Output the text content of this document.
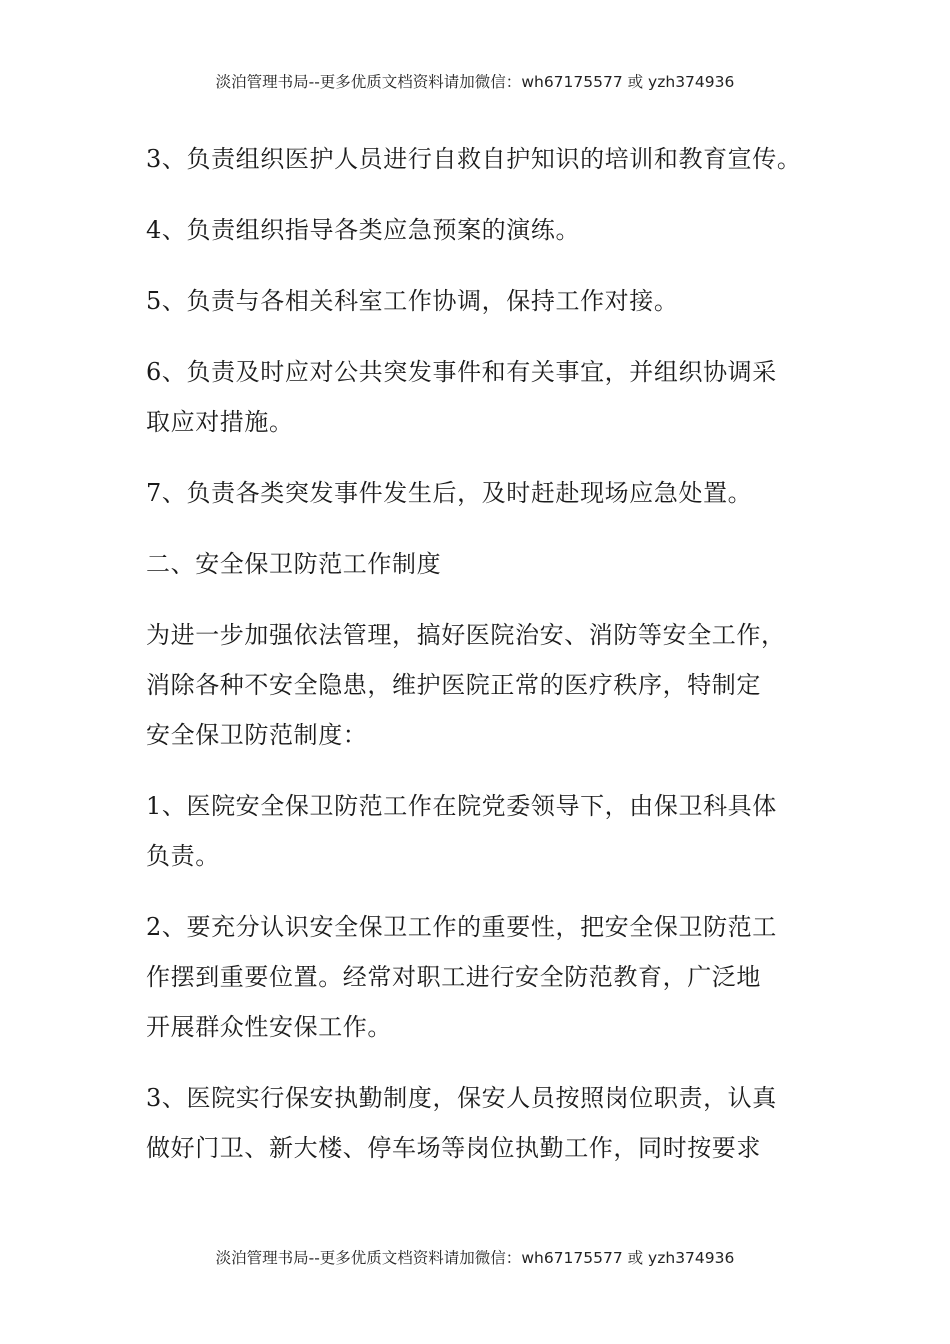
淡泊管理书局--更多优质文档资料请加微信：wh67175577 或 yzh374936

3、负责组织医护人员进行自救自护知识的培训和教育宣传。

4、负责组织指导各类应急预案的演练。

5、负责与各相关科室工作协调，保持工作对接。

6、负责及时应对公共突发事件和有关事宜，并组织协调采
取应对措施。

7、负责各类突发事件发生后，及时赶赴现场应急处置。

二、安全保卫防范工作制度

为进一步加强依法管理，搞好医院治安、消防等安全工作，
消除各种不安全隐患，维护医院正常的医疗秩序，特制定
安全保卫防范制度：

1、医院安全保卫防范工作在院党委领导下，由保卫科具体
负责。

2、要充分认识安全保卫工作的重要性，把安全保卫防范工
作摆到重要位置。经常对职工进行安全防范教育，广泛地
开展群众性安保工作。

3、医院实行保安执勤制度，保安人员按照岗位职责，认真
做好门卫、新大楼、停车场等岗位执勤工作，同时按要求

淡泊管理书局--更多优质文档资料请加微信：wh67175577 或 yzh374936
